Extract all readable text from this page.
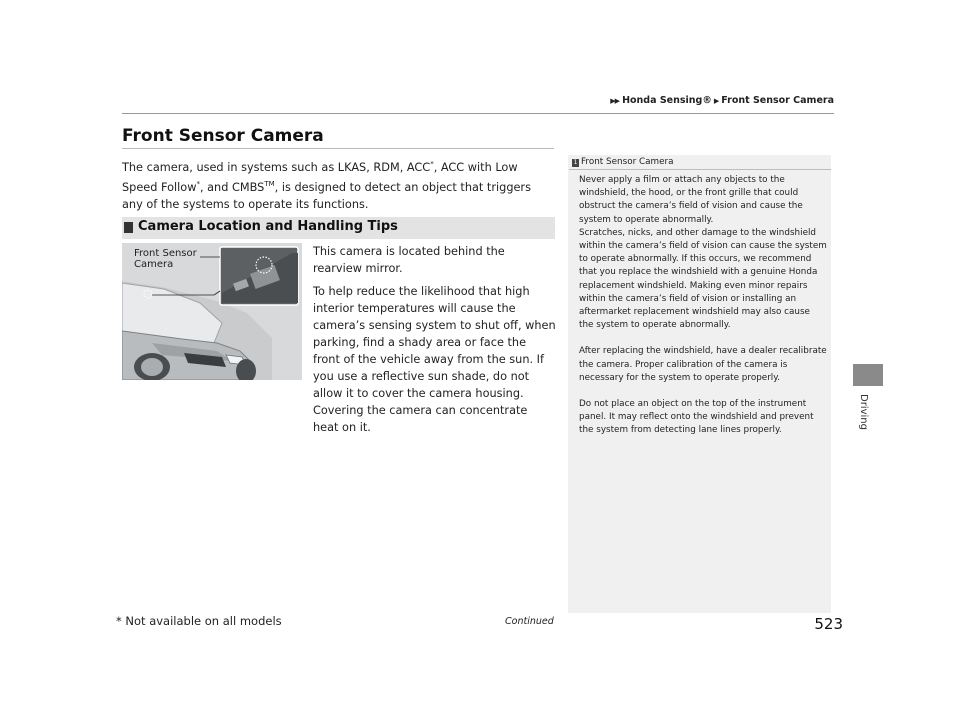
▶▶ Honda Sensing® ▶ Front Sensor Camera
Driving
Front Sensor Camera
The camera, used in systems such as LKAS, RDM, ACC*, ACC with Low Speed Follow*, and CMBS™, is designed to detect an object that triggers any of the systems to operate its functions.
Camera Location and Handling Tips
Front Sensor
Camera

This camera is located behind the rearview mirror.

To help reduce the likelihood that high interior temperatures will cause the camera’s sensing system to shut off, when parking, find a shady area or face the front of the vehicle away from the sun. If you use a reflective sun shade, do not allow it to cover the camera housing. Covering the camera can concentrate heat on it.

1 Front Sensor Camera
Never apply a film or attach any objects to the windshield, the hood, or the front grille that could obstruct the camera’s field of vision and cause the system to operate abnormally.

Scratches, nicks, and other damage to the windshield within the camera’s field of vision can cause the system to operate abnormally. If this occurs, we recommend that you replace the windshield with a genuine Honda replacement windshield. Making even minor repairs within the camera’s field of vision or installing an aftermarket replacement windshield may also cause the system to operate abnormally.

After replacing the windshield, have a dealer recalibrate the camera. Proper calibration of the camera is necessary for the system to operate properly.

Do not place an object on the top of the instrument panel. It may reflect onto the windshield and prevent the system from detecting lane lines properly.

* Not available on all models	Continued	523
